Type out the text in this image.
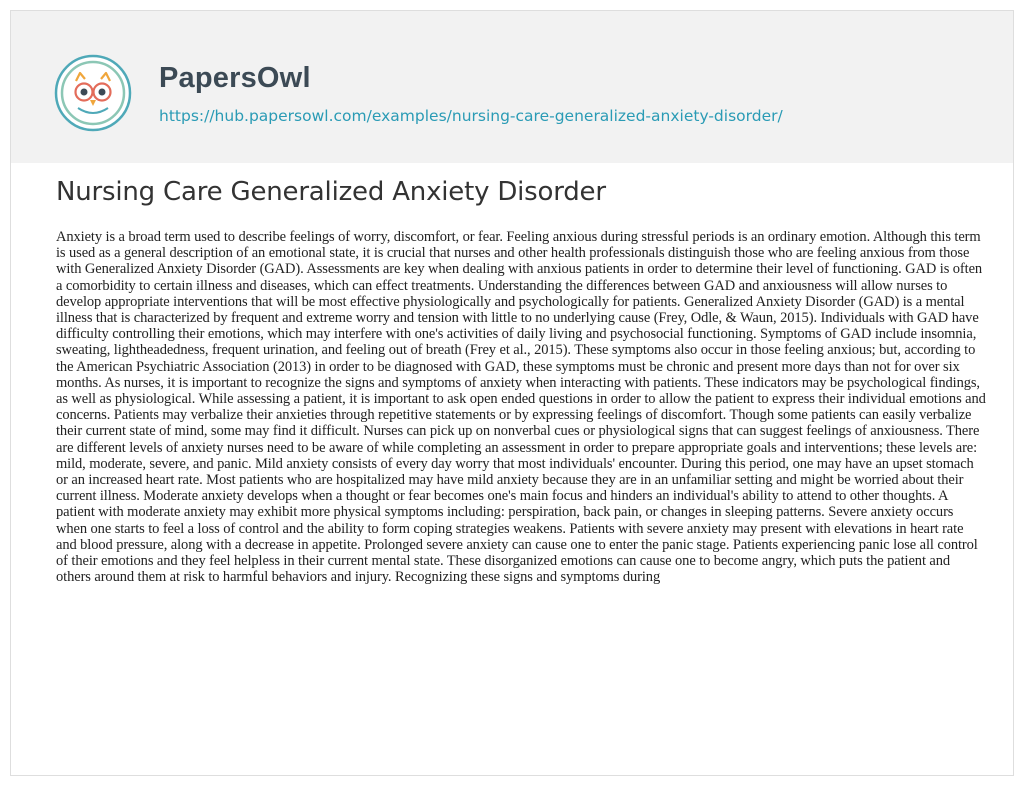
PapersOwl
https://hub.papersowl.com/examples/nursing-care-generalized-anxiety-disorder/
Nursing Care Generalized Anxiety Disorder

Anxiety is a broad term used to describe feelings of worry, discomfort, or fear. Feeling anxious during stressful periods is an ordinary emotion. Although this term is used as a general description of an emotional state, it is crucial that nurses and other health professionals distinguish those who are feeling anxious from those with Generalized Anxiety Disorder (GAD). Assessments are key when dealing with anxious patients in order to determine their level of functioning. GAD is often a comorbidity to certain illness and diseases, which can effect treatments. Understanding the differences between GAD and anxiousness will allow nurses to develop appropriate interventions that will be most effective physiologically and psychologically for patients. Generalized Anxiety Disorder (GAD) is a mental illness that is characterized by frequent and extreme worry and tension with little to no underlying cause (Frey, Odle, & Waun, 2015). Individuals with GAD have difficulty controlling their emotions, which may interfere with one's activities of daily living and psychosocial functioning. Symptoms of GAD include insomnia, sweating, lightheadedness, frequent urination, and feeling out of breath (Frey et al., 2015). These symptoms also occur in those feeling anxious; but, according to the American Psychiatric Association (2013) in order to be diagnosed with GAD, these symptoms must be chronic and present more days than not for over six months. As nurses, it is important to recognize the signs and symptoms of anxiety when interacting with patients. These indicators may be psychological findings, as well as physiological. While assessing a patient, it is important to ask open ended questions in order to allow the patient to express their individual emotions and concerns. Patients may verbalize their anxieties through repetitive statements or by expressing feelings of discomfort. Though some patients can easily verbalize their current state of mind, some may find it difficult. Nurses can pick up on nonverbal cues or physiological signs that can suggest feelings of anxiousness. There are different levels of anxiety nurses need to be aware of while completing an assessment in order to prepare appropriate goals and interventions; these levels are: mild, moderate, severe, and panic. Mild anxiety consists of every day worry that most individuals' encounter. During this period, one may have an upset stomach or an increased heart rate. Most patients who are hospitalized may have mild anxiety because they are in an unfamiliar setting and might be worried about their current illness. Moderate anxiety develops when a thought or fear becomes one's main focus and hinders an individual's ability to attend to other thoughts. A patient with moderate anxiety may exhibit more physical symptoms including: perspiration, back pain, or changes in sleeping patterns. Severe anxiety occurs when one starts to feel a loss of control and the ability to form coping strategies weakens. Patients with severe anxiety may present with elevations in heart rate and blood pressure, along with a decrease in appetite. Prolonged severe anxiety can cause one to enter the panic stage. Patients experiencing panic lose all control of their emotions and they feel helpless in their current mental state. These disorganized emotions can cause one to become angry, which puts the patient and others around them at risk to harmful behaviors and injury. Recognizing these signs and symptoms during
